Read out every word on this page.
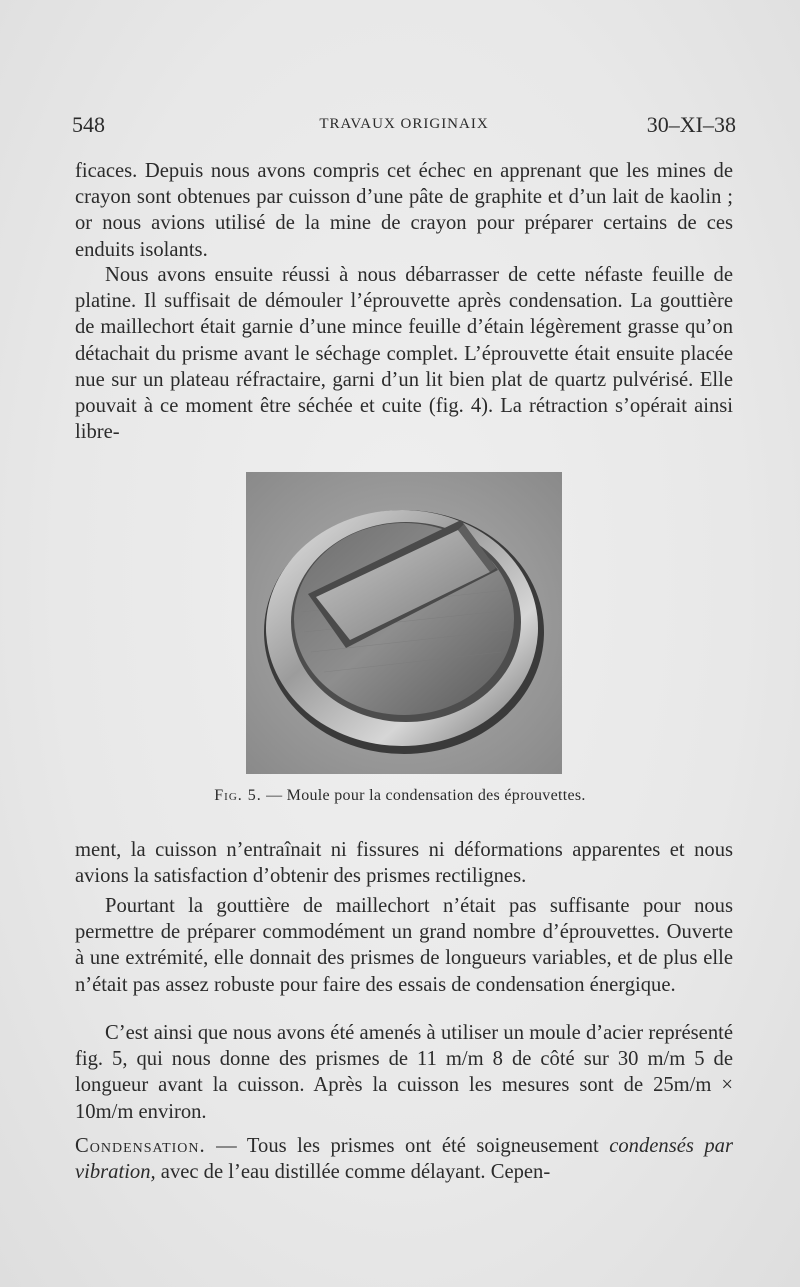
548	TRAVAUX ORIGINAIX	30–XI–38

ficaces. Depuis nous avons compris cet échec en apprenant que les mines de crayon sont obtenues par cuisson d’une pâte de graphite et d’un lait de kaolin ; or nous avions utilisé de la mine de crayon pour préparer certains de ces enduits isolants.

Nous avons ensuite réussi à nous débarrasser de cette néfaste feuille de platine. Il suffisait de démouler l’éprouvette après condensation. La gouttière de maillechort était garnie d’une mince feuille d’étain légèrement grasse qu’on détachait du prisme avant le séchage complet. L’éprouvette était ensuite placée nue sur un plateau réfractaire, garni d’un lit bien plat de quartz pulvérisé. Elle pouvait à ce moment être séchée et cuite (fig. 4). La rétraction s’opérait ainsi libre-

Fig. 5. — Moule pour la condensation des éprouvettes.

ment, la cuisson n’entraînait ni fissures ni déformations apparentes et nous avions la satisfaction d’obtenir des prismes rectilignes.

Pourtant la gouttière de maillechort n’était pas suffisante pour nous permettre de préparer commodément un grand nombre d’éprouvettes. Ouverte à une extrémité, elle donnait des prismes de longueurs variables, et de plus elle n’était pas assez robuste pour faire des essais de condensation énergique.

C’est ainsi que nous avons été amenés à utiliser un moule d’acier représenté fig. 5, qui nous donne des prismes de 11 m/m 8 de côté sur 30 m/m 5 de longueur avant la cuisson. Après la cuisson les mesures sont de 25m/m × 10m/m environ.

Condensation. — Tous les prismes ont été soigneusement condensés par vibration, avec de l’eau distillée comme délayant. Cepen-
